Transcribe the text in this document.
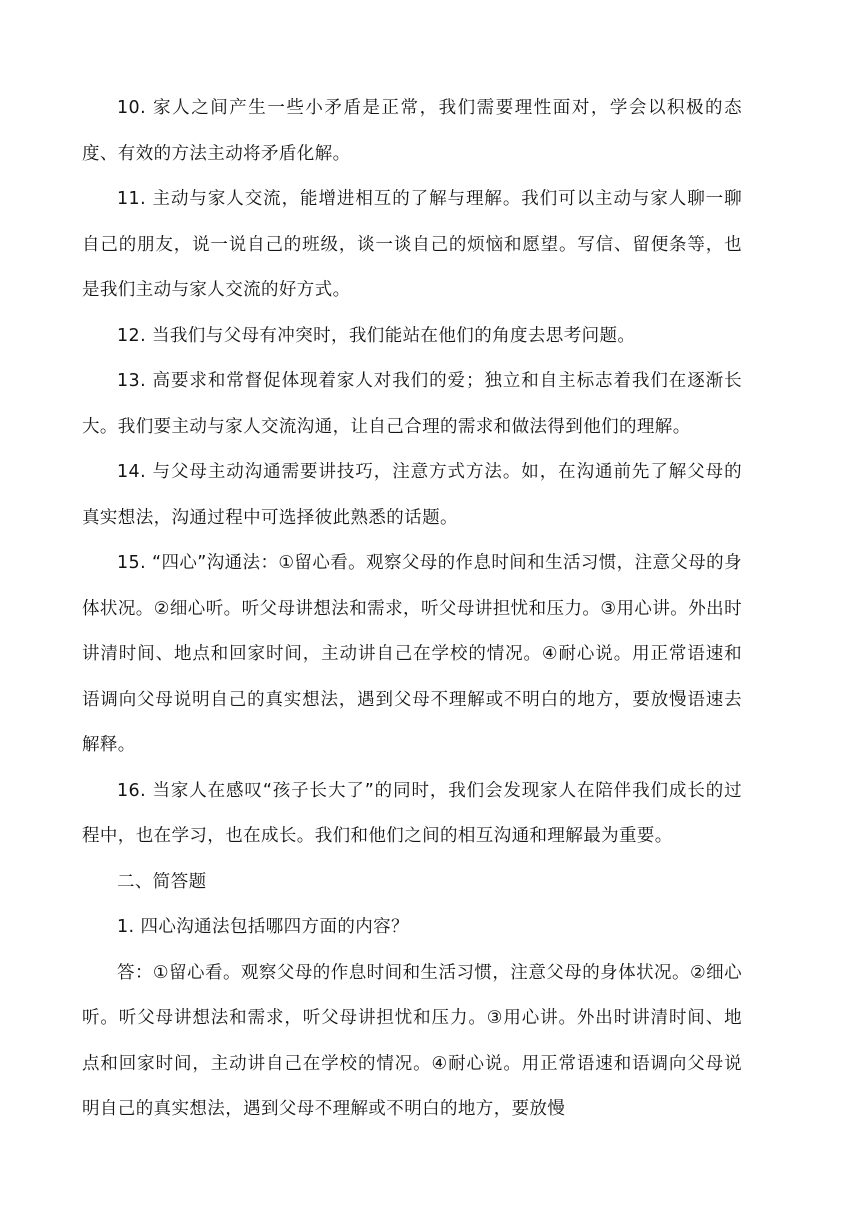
10. 家人之间产生一些小矛盾是正常，我们需要理性面对，学会以积极的态度、有效的方法主动将矛盾化解。

11. 主动与家人交流，能增进相互的了解与理解。我们可以主动与家人聊一聊自己的朋友，说一说自己的班级，谈一谈自己的烦恼和愿望。写信、留便条等，也是我们主动与家人交流的好方式。

12. 当我们与父母有冲突时，我们能站在他们的角度去思考问题。

13. 高要求和常督促体现着家人对我们的爱；独立和自主标志着我们在逐渐长大。我们要主动与家人交流沟通，让自己合理的需求和做法得到他们的理解。

14. 与父母主动沟通需要讲技巧，注意方式方法。如，在沟通前先了解父母的真实想法，沟通过程中可选择彼此熟悉的话题。

15. “四心”沟通法：①留心看。观察父母的作息时间和生活习惯，注意父母的身体状况。②细心听。听父母讲想法和需求，听父母讲担忧和压力。③用心讲。外出时讲清时间、地点和回家时间，主动讲自己在学校的情况。④耐心说。用正常语速和语调向父母说明自己的真实想法，遇到父母不理解或不明白的地方，要放慢语速去解释。

16. 当家人在感叹“孩子长大了”的同时，我们会发现家人在陪伴我们成长的过程中，也在学习，也在成长。我们和他们之间的相互沟通和理解最为重要。

二、简答题

1. 四心沟通法包括哪四方面的内容？

答：①留心看。观察父母的作息时间和生活习惯，注意父母的身体状况。②细心听。听父母讲想法和需求，听父母讲担忧和压力。③用心讲。外出时讲清时间、地点和回家时间，主动讲自己在学校的情况。④耐心说。用正常语速和语调向父母说明自己的真实想法，遇到父母不理解或不明白的地方，要放慢
